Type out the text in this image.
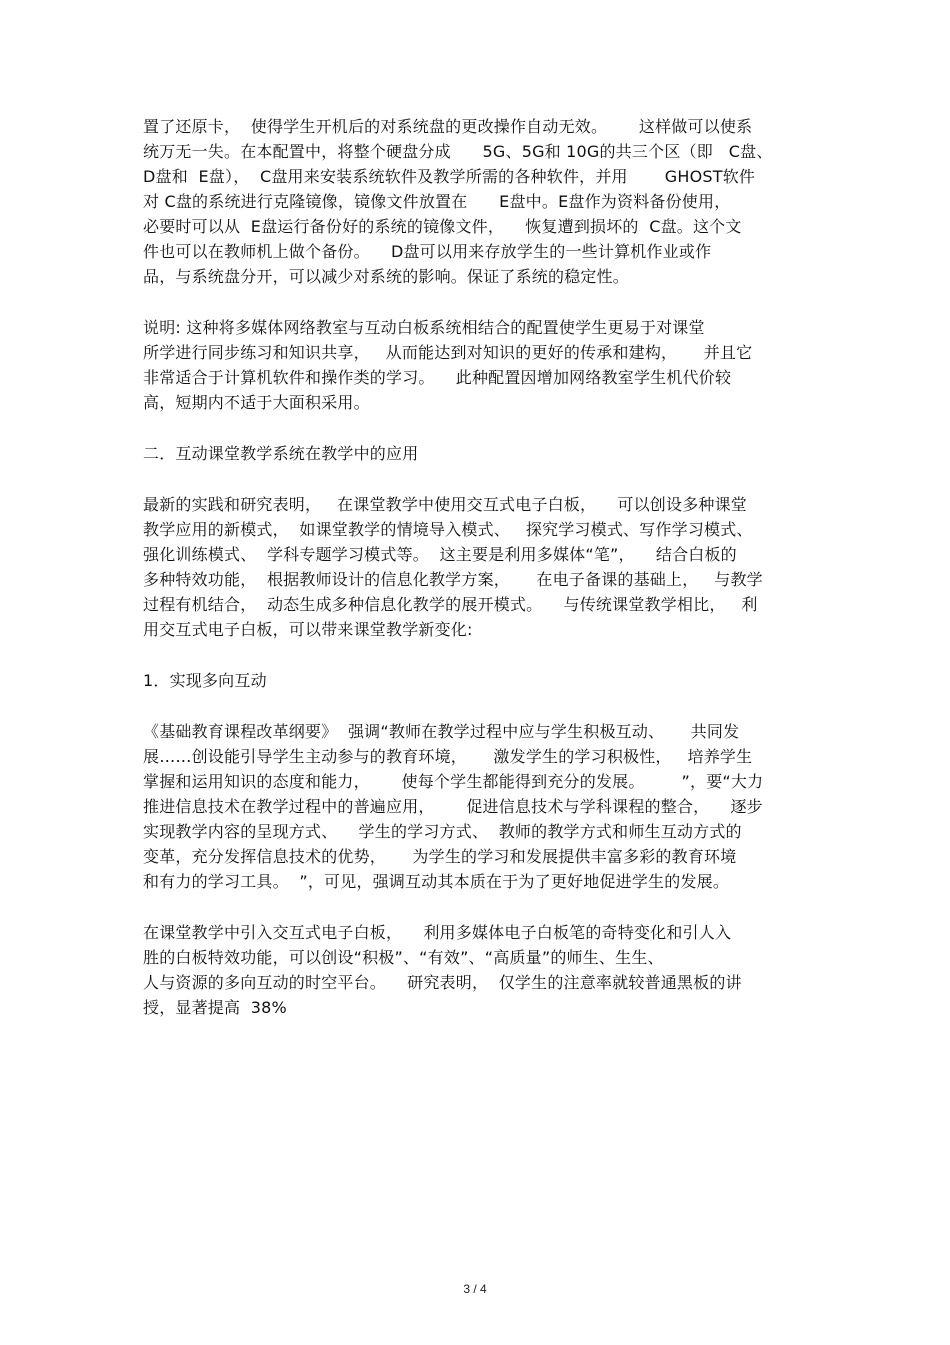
置了还原卡，  使得学生开机后的对系统盘的更改操作自动无效。      这样做可以使系
统万无一失。在本配置中，将整个硬盘分成      5G、5G和 10G的共三个区（即   C盘、
D盘和  E盘），  C盘用来安装系统软件及教学所需的各种软件，并用       GHOST软件
对 C盘的系统进行克隆镜像，镜像文件放置在      E盘中。E盘作为资料备份使用，
必要时可以从  E盘运行备份好的系统的镜像文件，    恢复遭到损坏的  C盘。这个文
件也可以在教师机上做个备份。    D盘可以用来存放学生的一些计算机作业或作
品，与系统盘分开，可以减少对系统的影响。保证了系统的稳定性。
说明: 这种将多媒体网络教室与互动白板系统相结合的配置使学生更易于对课堂
所学进行同步练习和知识共享，   从而能达到对知识的更好的传承和建构，     并且它
非常适合于计算机软件和操作类的学习。    此种配置因增加网络教室学生机代价较
高，短期内不适于大面积采用。
二．互动课堂教学系统在教学中的应用
最新的实践和研究表明，   在课堂教学中使用交互式电子白板，    可以创设多种课堂
教学应用的新模式，  如课堂教学的情境导入模式、   探究学习模式、写作学习模式、
强化训练模式、  学科专题学习模式等。  这主要是利用多媒体“笔”，    结合白板的
多种特效功能，  根据教师设计的信息化教学方案，     在电子备课的基础上，   与教学
过程有机结合，  动态生成多种信息化教学的展开模式。    与传统课堂教学相比，   利
用交互式电子白板，可以带来课堂教学新变化:
1．实现多向互动
《基础教育课程改革纲要》  强调“教师在教学过程中应与学生积极互动、     共同发
展……创设能引导学生主动参与的教育环境，     激发学生的学习积极性，   培养学生
掌握和运用知识的态度和能力，      使每个学生都能得到充分的发展。       ”，要“大力
推进信息技术在教学过程中的普遍应用，      促进信息技术与学科课程的整合，    逐步
实现教学内容的呈现方式、    学生的学习方式、  教师的教学方式和师生互动方式的
变革，充分发挥信息技术的优势，     为学生的学习和发展提供丰富多彩的教育环境
和有力的学习工具。  ”，可见，强调互动其本质在于为了更好地促进学生的发展。
在课堂教学中引入交互式电子白板，    利用多媒体电子白板笔的奇特变化和引人入
胜的白板特效功能，可以创设“积极”、“有效”、“高质量”的师生、生生、
人与资源的多向互动的时空平台。    研究表明，  仅学生的注意率就较普通黑板的讲
授，显著提高  38%
3 / 4
